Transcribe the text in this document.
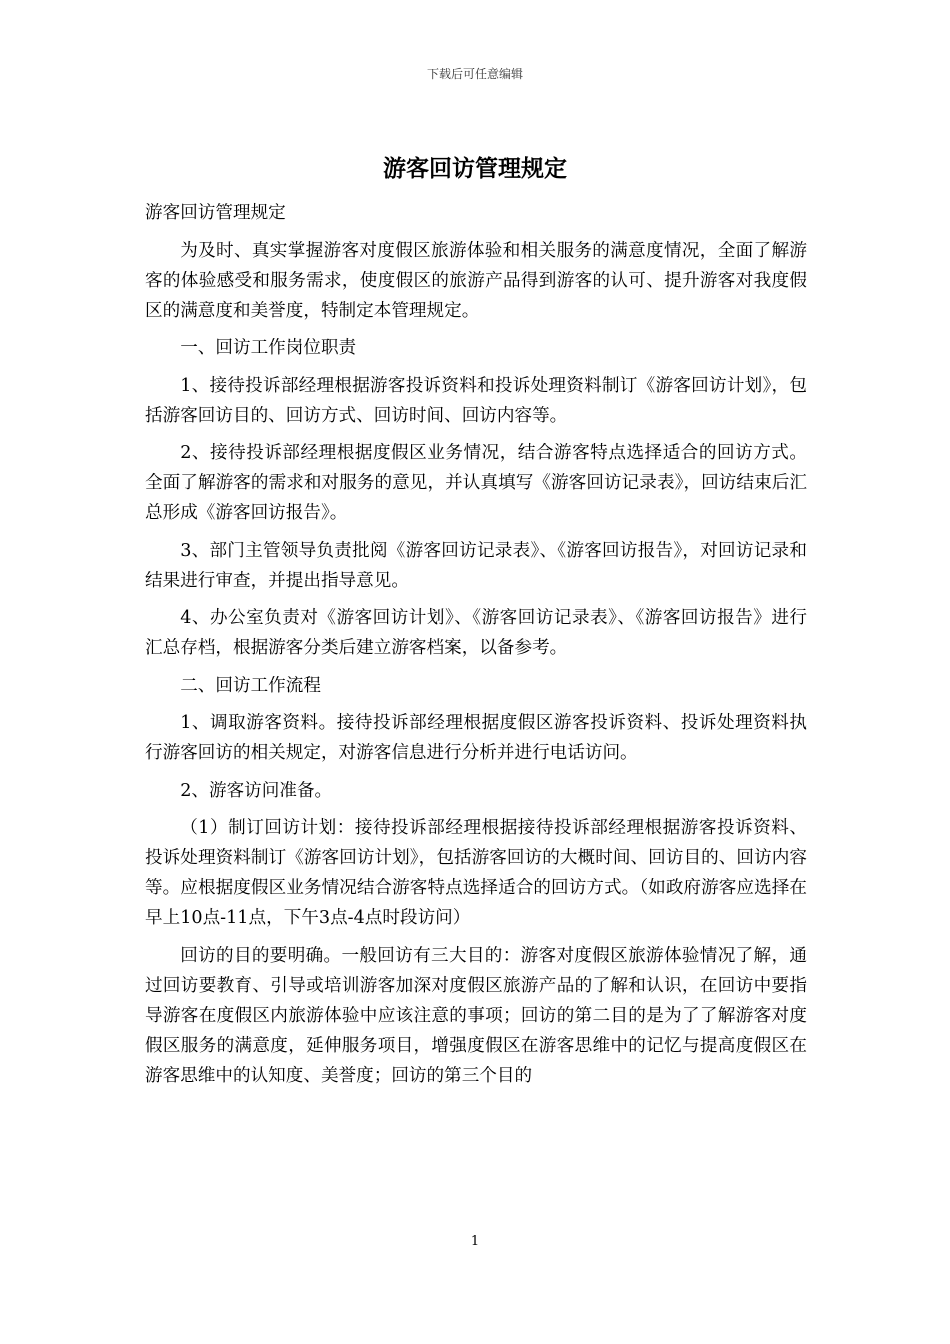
下载后可任意编辑
游客回访管理规定

游客回访管理规定

为及时、真实掌握游客对度假区旅游体验和相关服务的满意度情况，全面了解游客的体验感受和服务需求，使度假区的旅游产品得到游客的认可、提升游客对我度假区的满意度和美誉度，特制定本管理规定。

一、回访工作岗位职责

1、接待投诉部经理根据游客投诉资料和投诉处理资料制订《游客回访计划》，包括游客回访目的、回访方式、回访时间、回访内容等。

2、接待投诉部经理根据度假区业务情况，结合游客特点选择适合的回访方式。全面了解游客的需求和对服务的意见，并认真填写《游客回访记录表》，回访结束后汇总形成《游客回访报告》。

3、部门主管领导负责批阅《游客回访记录表》、《游客回访报告》，对回访记录和结果进行审查，并提出指导意见。

4、办公室负责对《游客回访计划》、《游客回访记录表》、《游客回访报告》进行汇总存档，根据游客分类后建立游客档案，以备参考。

二、回访工作流程

1、调取游客资料。接待投诉部经理根据度假区游客投诉资料、投诉处理资料执行游客回访的相关规定，对游客信息进行分析并进行电话访问。

2、游客访问准备。

（1）制订回访计划：接待投诉部经理根据接待投诉部经理根据游客投诉资料、投诉处理资料制订《游客回访计划》，包括游客回访的大概时间、回访目的、回访内容等。应根据度假区业务情况结合游客特点选择适合的回访方式。（如政府游客应选择在早上10点-11点，下午3点-4点时段访问）

回访的目的要明确。一般回访有三大目的：游客对度假区旅游体验情况了解，通过回访要教育、引导或培训游客加深对度假区旅游产品的了解和认识，在回访中要指导游客在度假区内旅游体验中应该注意的事项；回访的第二目的是为了了解游客对度假区服务的满意度，延伸服务项目，增强度假区在游客思维中的记忆与提高度假区在游客思维中的认知度、美誉度；回访的第三个目的

1
